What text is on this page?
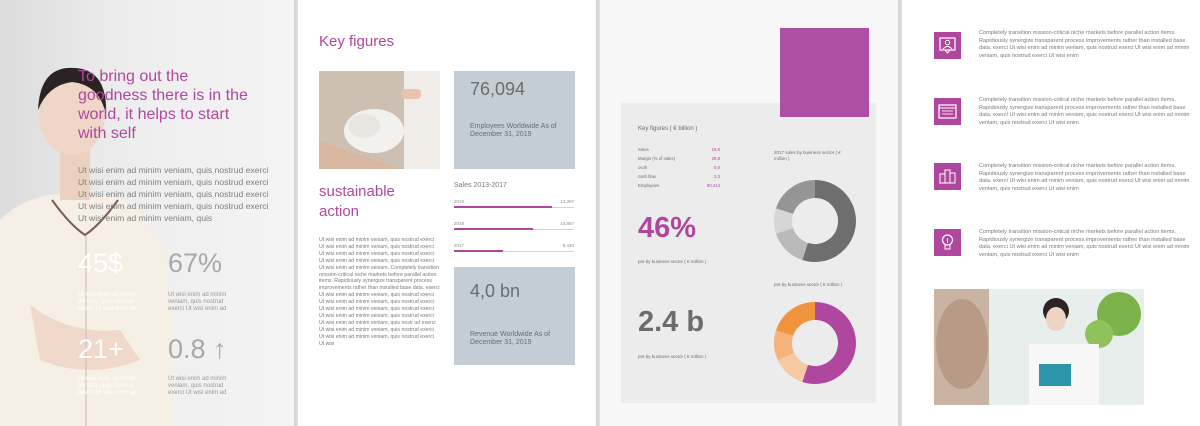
To bring out the goodness there is in the world, it helps to start with self
Ut wisi enim ad minim veniam, quis nostrud exerci Ut wisi enim ad minim veniam, quis nostrud exerci Ut wisi enim ad minim veniam, quis nostrud exerci Ut wisi enim ad minim veniam, quis nostrud exerci Ut wisi enim ad minim veniam, quis
45$
Ut wisi enim ad minim veniam, quis nostrud exerci Ut wisi enim ad
67%
Ut wisi enim ad minim veniam, quis nostrud exerci Ut wisi enim ad
21+
Ut wisi enim ad minim veniam, quis nostrud exerci Ut wisi enim ad
0.8 ↑
Ut wisi enim ad minim veniam, quis nostrud exerci Ut wisi enim ad
Key figures
76,094
Employees Worldwide As of December 31, 2019
sustainable action
Ut wisi enim ad minim veniam, quis nostrud exerci Ut wisi enim ad minim veniam, quis nostrud exerci Ut wisi enim ad minim veniam, quis nostrud exerci Ut wisi enim ad minim veniam, quis nostrud exerci Ut wisi enim ad minim veniam. Completely transition mission-critical niche markets before parallel action items. Rapidiously synergize transparent process improvements rather than installed base data. exerci Ut wisi enim ad minim veniam, quis nostrud exerci Ut wisi enim ad minim veniam, quis nostrud exerci Ut wisi enim ad minim veniam, quis nostrud exerci Ut wisi enim ad minim veniam, quis nostrud exerci Ut wisi enim ad minim veniam, quis nostr ud exerci Ut wisi enim ad minim veniam, quis nostrud exerci Ut wisi enim ad minim veniam, quis nostrud exerci Ut wisi
Sales 2013-2017
2019	13,357
2018	10,867
2017	8,430
4,0 bn
Revenue Worldwide As of December 31, 2019
Key figures ( € billion )
Sales	16,0
Margin (% of sales)	29.9
ocoh	0,0
cash flow	3,3
Employees	80,414
46%
pre by business sector ( € million )
2.4 b
pre by business sector ( € million )
2017 sales by business sector ( € million )
pre by business sector ( € million )
Completely transition mission-critical niche markets before parallel action items. Rapidiously synergize transparent process improvements rather than installed base data. exerci Ut wisi enim ad minim veniam, quis nostrud exerci Ut wisi enim ad minim veniam, quis nostrud exerci Ut wisi enim
Completely transition mission-critical niche markets before parallel action items. Rapidiously synergize transparent process improvements rather than installed base data. exerci Ut wisi enim ad minim veniam, quis nostrud exerci Ut wisi enim ad minim veniam, quis nostrud exerci Ut wisi enim
Completely transition mission-critical niche markets before parallel action items. Rapidiously synergize transparent process improvements rather than installed base data. exerci Ut wisi enim ad minim veniam, quis nostrud exerci Ut wisi enim ad minim veniam, quis nostrud exerci Ut wisi enim
Completely transition mission-critical niche markets before parallel action items. Rapidiously synergize transparent process improvements rather than installed base data. exerci Ut wisi enim ad minim veniam, quis nostrud exerci Ut wisi enim ad minim veniam, quis nostrud exerci Ut wisi enim
